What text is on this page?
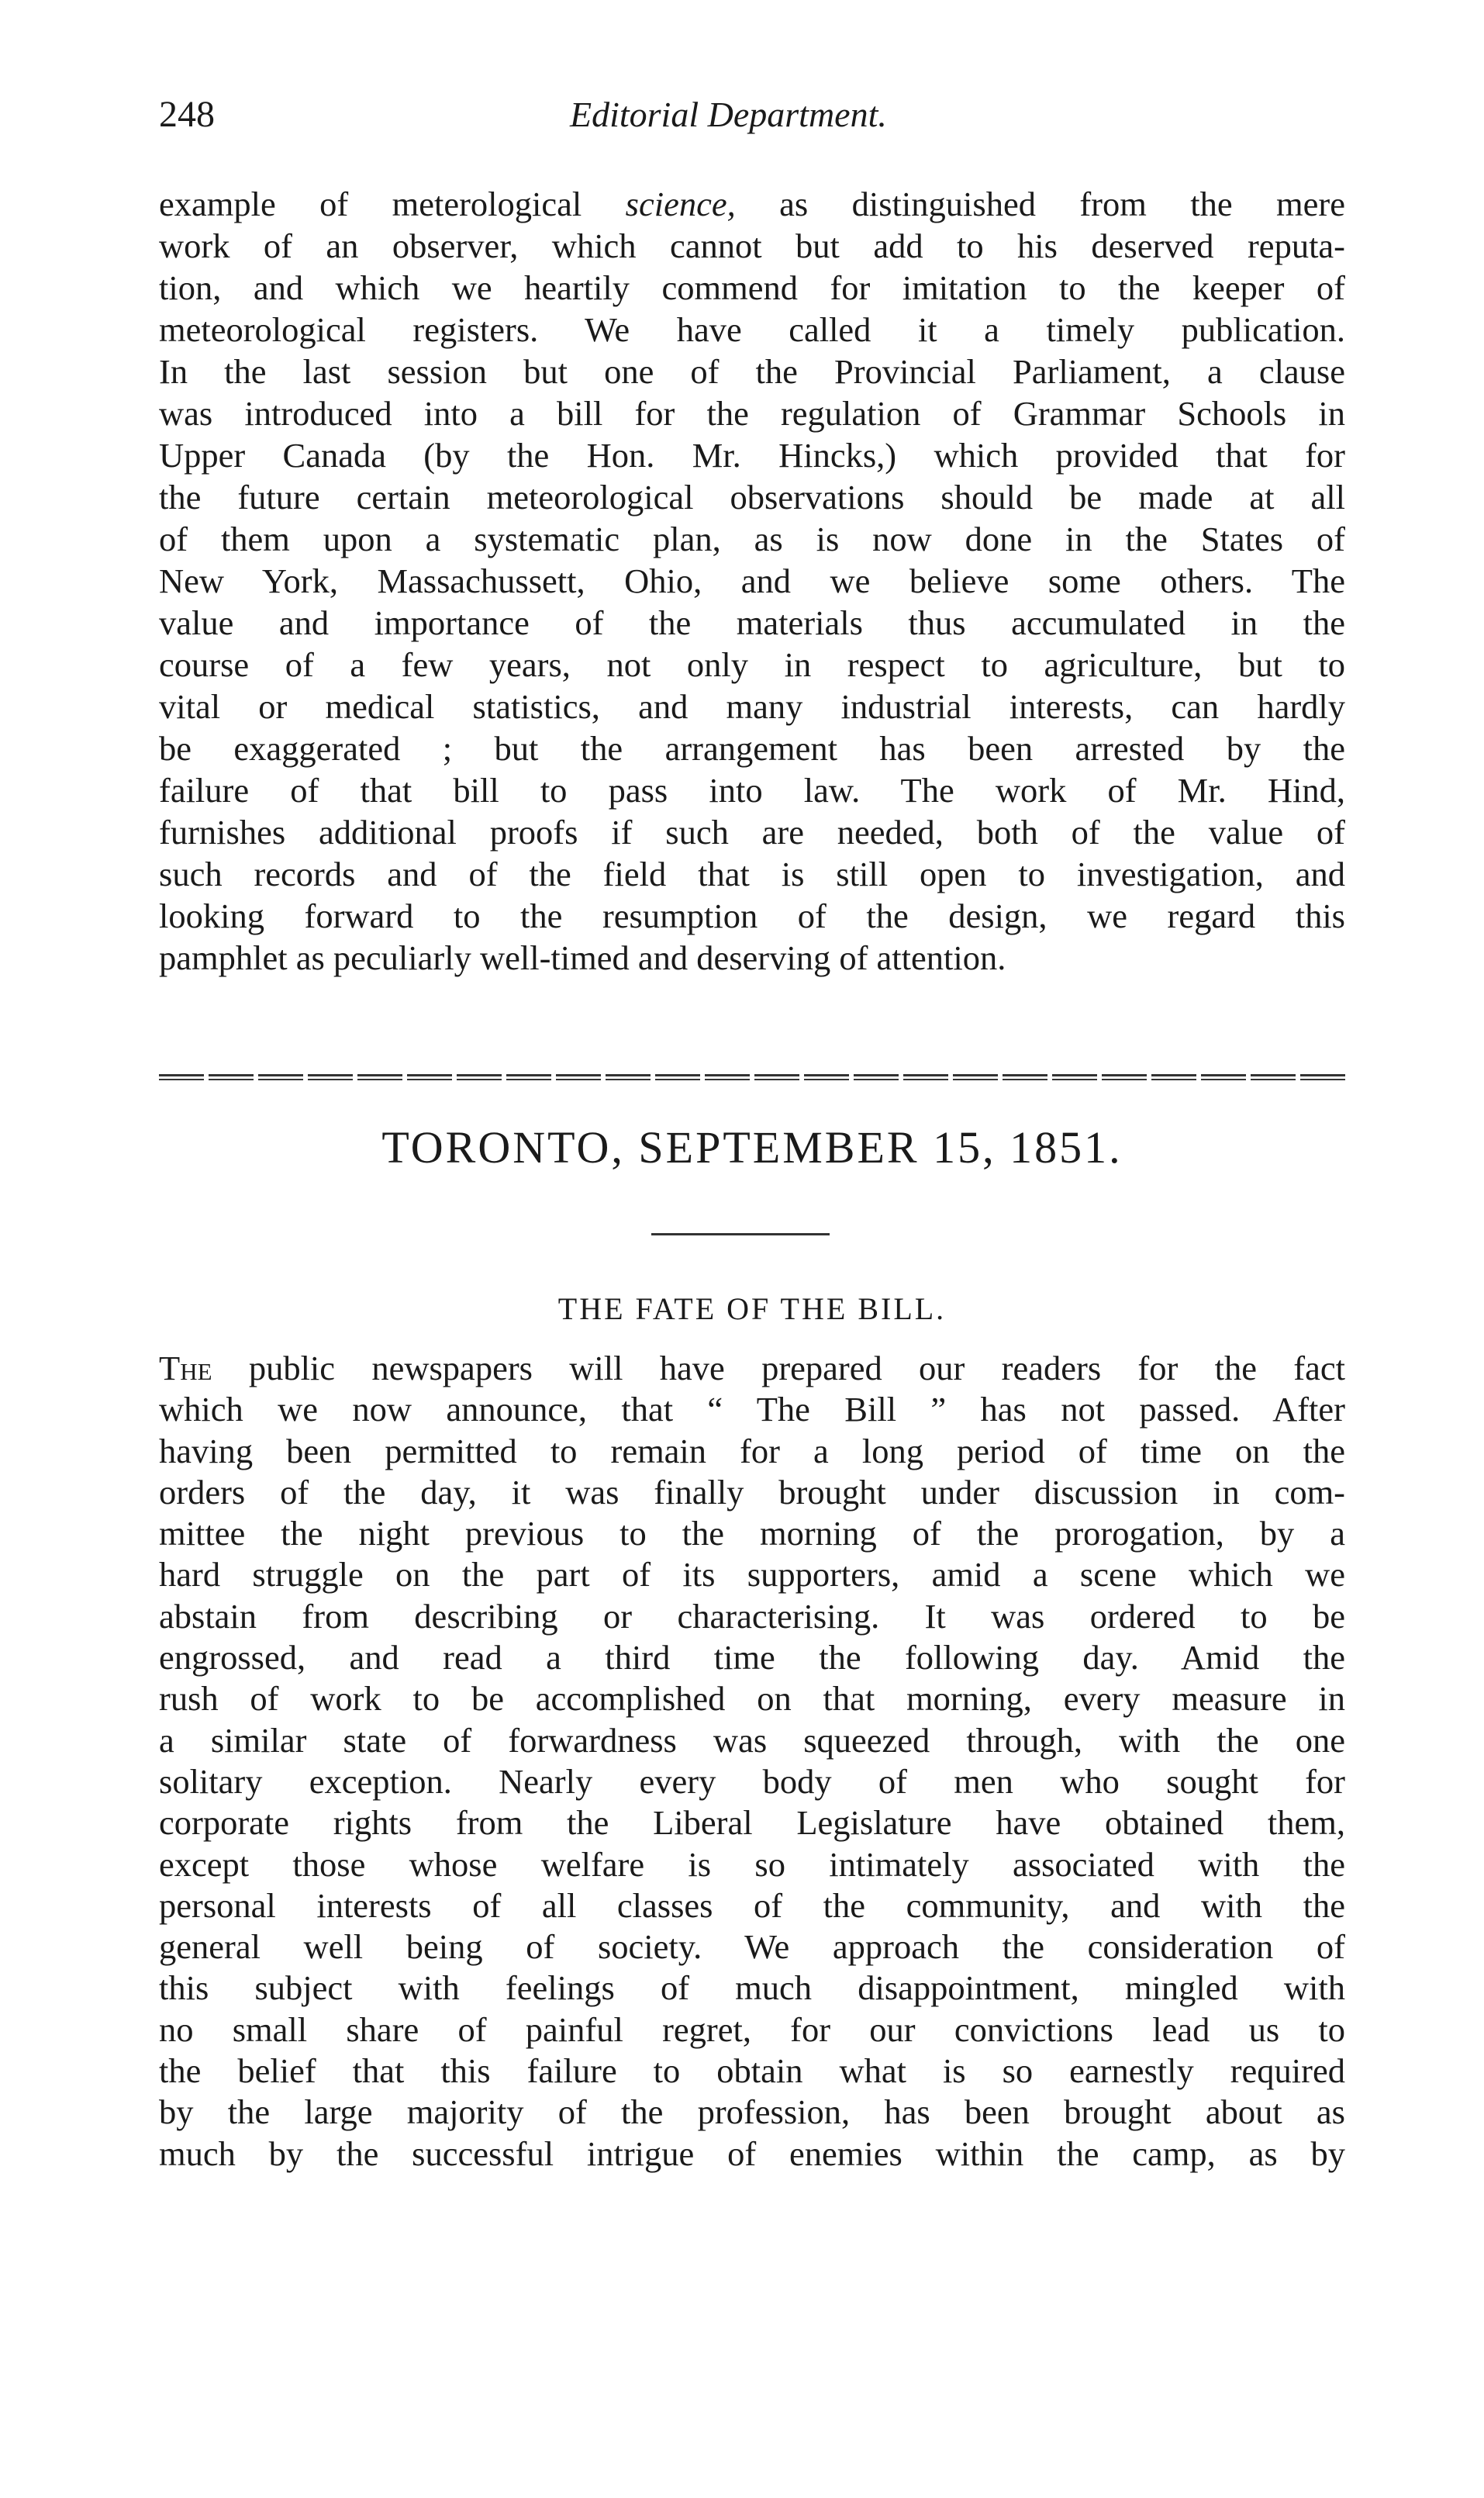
248	Editorial Department.
example of meterological science, as distinguished from the mere
work of an observer, which cannot but add to his deserved reputa-
tion, and which we heartily commend for imitation to the keeper of
meteorological registers. We have called it a timely publication.
In the last session but one of the Provincial Parliament, a clause
was introduced into a bill for the regulation of Grammar Schools in
Upper Canada (by the Hon. Mr. Hincks,) which provided that for
the future certain meteorological observations should be made at all
of them upon a systematic plan, as is now done in the States of
New York, Massachussett, Ohio, and we believe some others. The
value and importance of the materials thus accumulated in the
course of a few years, not only in respect to agriculture, but to
vital or medical statistics, and many industrial interests, can hardly
be exaggerated ; but the arrangement has been arrested by the
failure of that bill to pass into law. The work of Mr. Hind,
furnishes additional proofs if such are needed, both of the value of
such records and of the field that is still open to investigation, and
looking forward to the resumption of the design, we regard this
pamphlet as peculiarly well-timed and deserving of attention.
TORONTO, SEPTEMBER 15, 1851.
THE FATE OF THE BILL.
The public newspapers will have prepared our readers for the fact
which we now announce, that “ The Bill ” has not passed. After
having been permitted to remain for a long period of time on the
orders of the day, it was finally brought under discussion in com-
mittee the night previous to the morning of the prorogation, by a
hard struggle on the part of its supporters, amid a scene which we
abstain from describing or characterising. It was ordered to be
engrossed, and read a third time the following day. Amid the
rush of work to be accomplished on that morning, every measure in
a similar state of forwardness was squeezed through, with the one
solitary exception. Nearly every body of men who sought for
corporate rights from the Liberal Legislature have obtained them,
except those whose welfare is so intimately associated with the
personal interests of all classes of the community, and with the
general well being of society. We approach the consideration of
this subject with feelings of much disappointment, mingled with
no small share of painful regret, for our convictions lead us to
the belief that this failure to obtain what is so earnestly required
by the large majority of the profession, has been brought about as
much by the successful intrigue of enemies within the camp, as by
